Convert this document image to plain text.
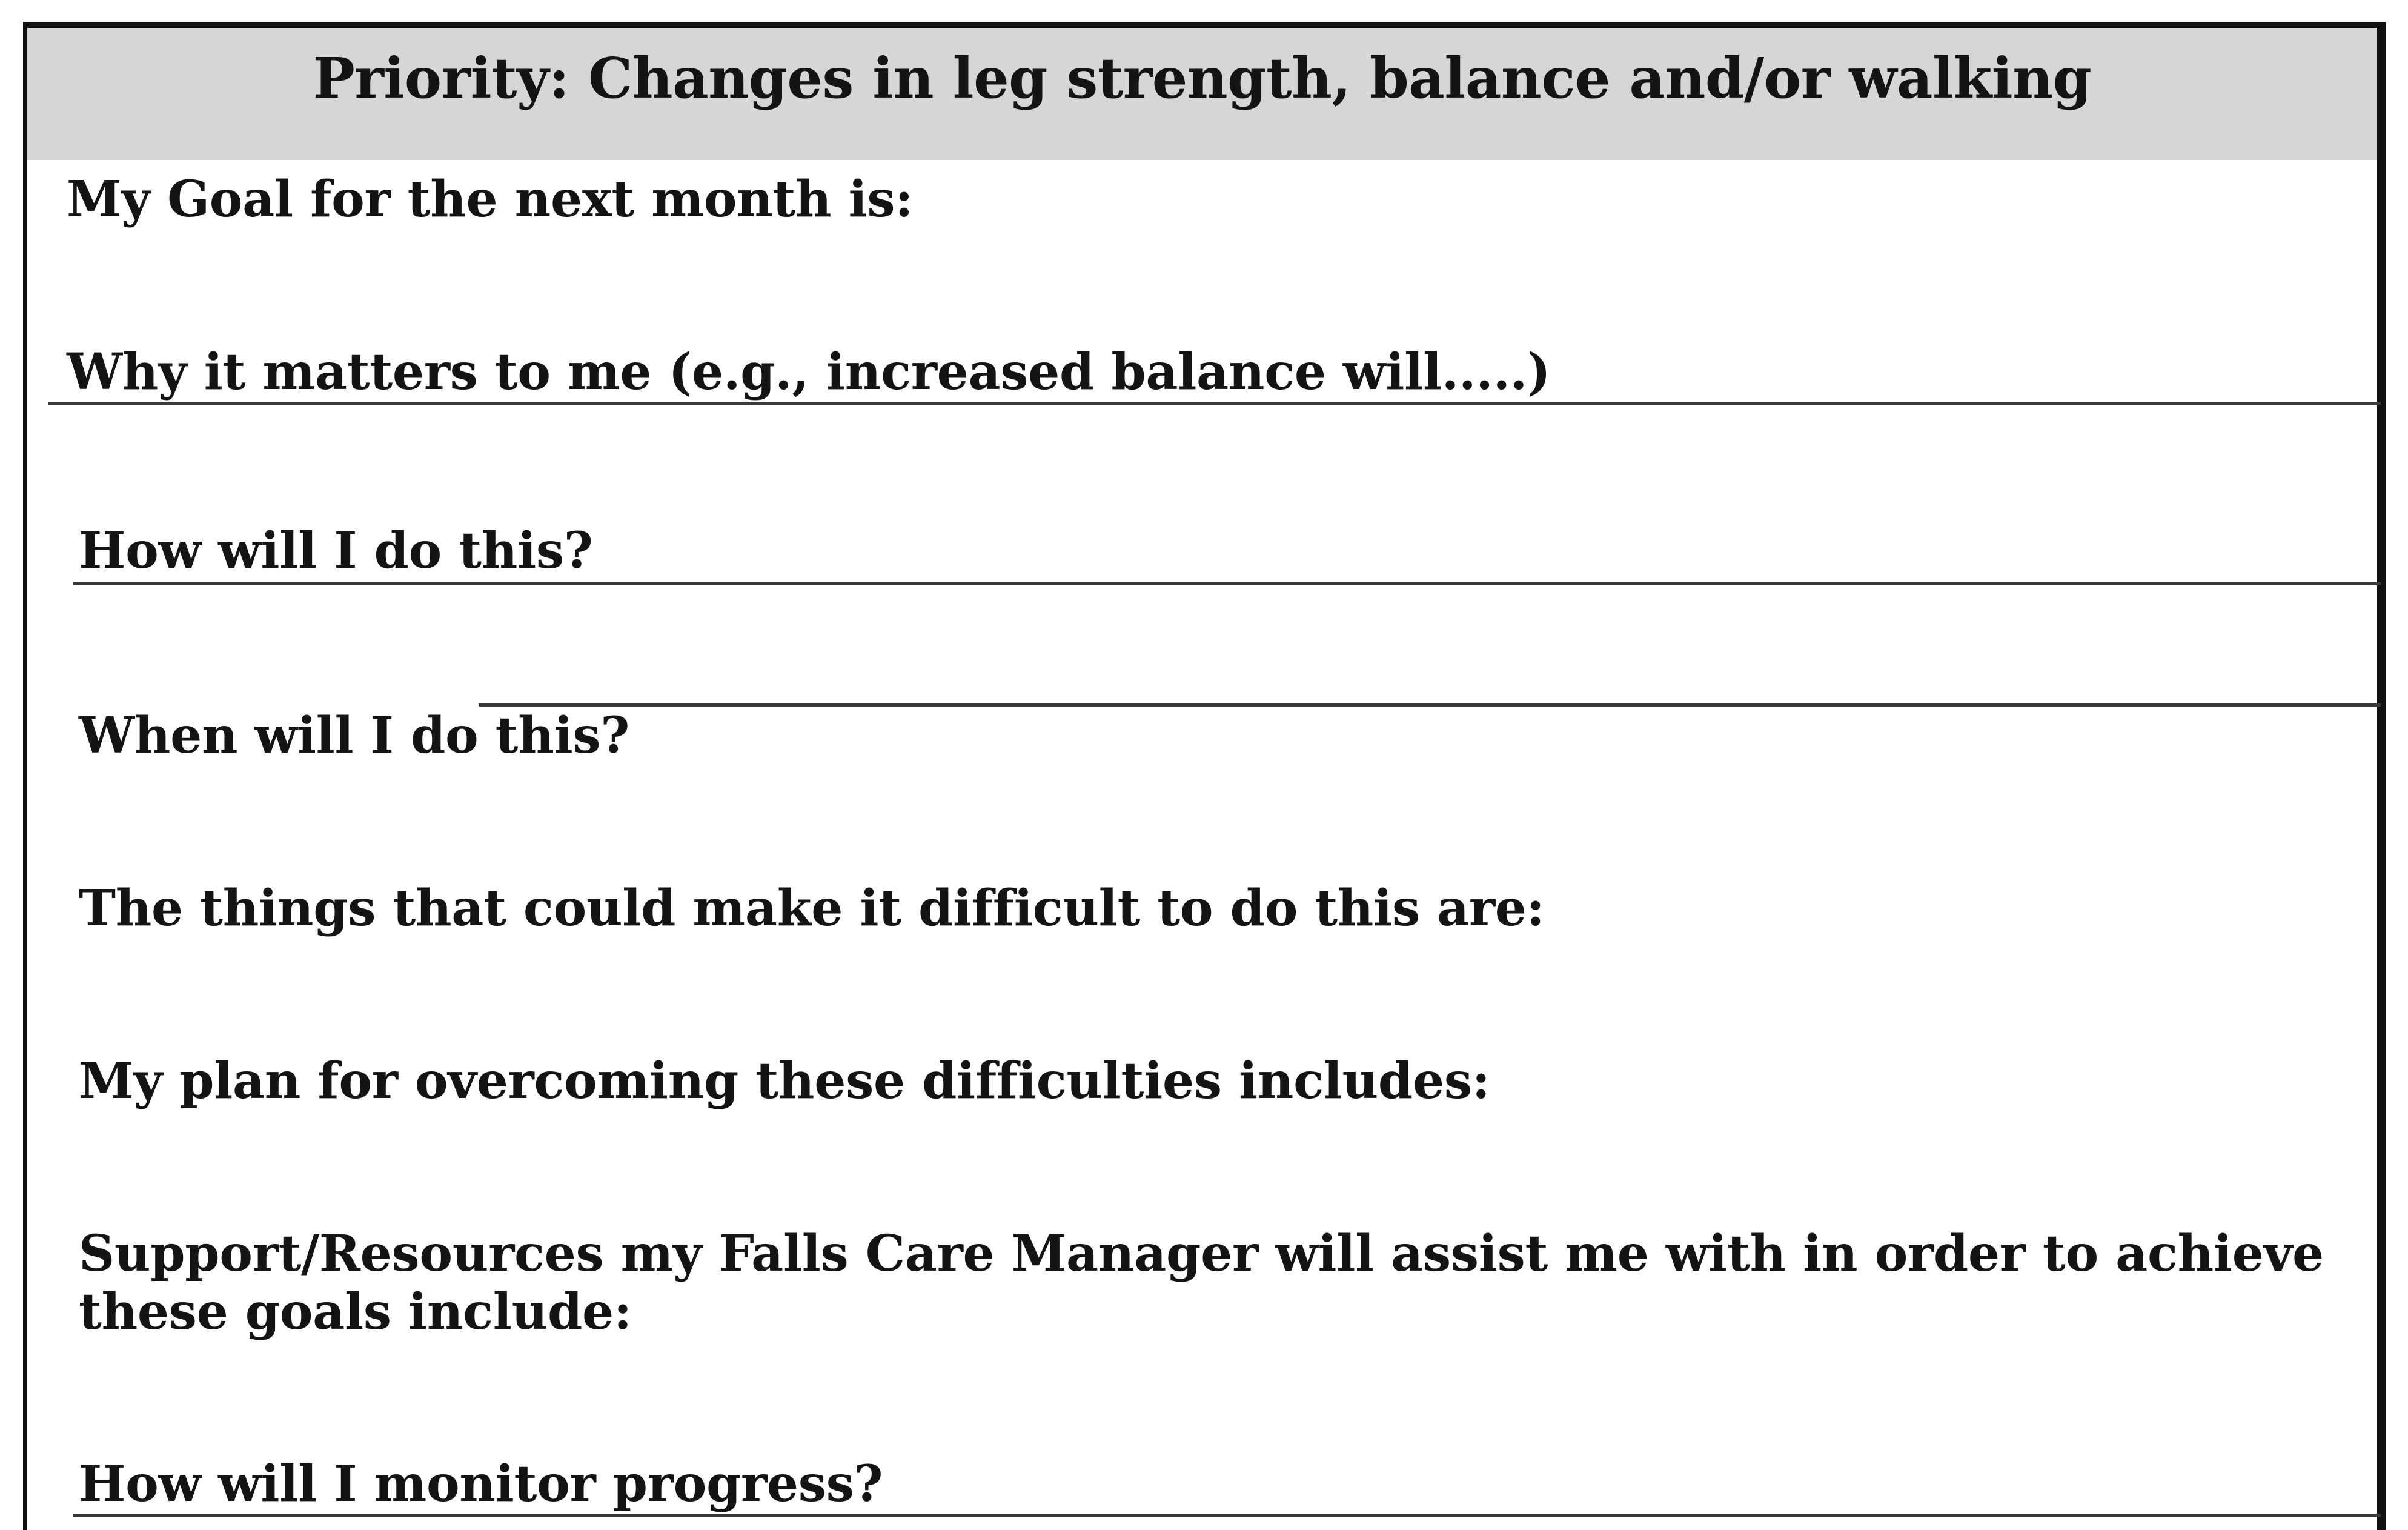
Priority: Changes in leg strength, balance and/or walking
My Goal for the next month is:
Why it matters to me (e.g., increased balance will.....)
How will I do this?
When will I do this?
The things that could make it difficult to do this are:
My plan for overcoming these difficulties includes:
Support/Resources my Falls Care Manager will assist me with in order to achieve these goals include:
How will I monitor progress?
